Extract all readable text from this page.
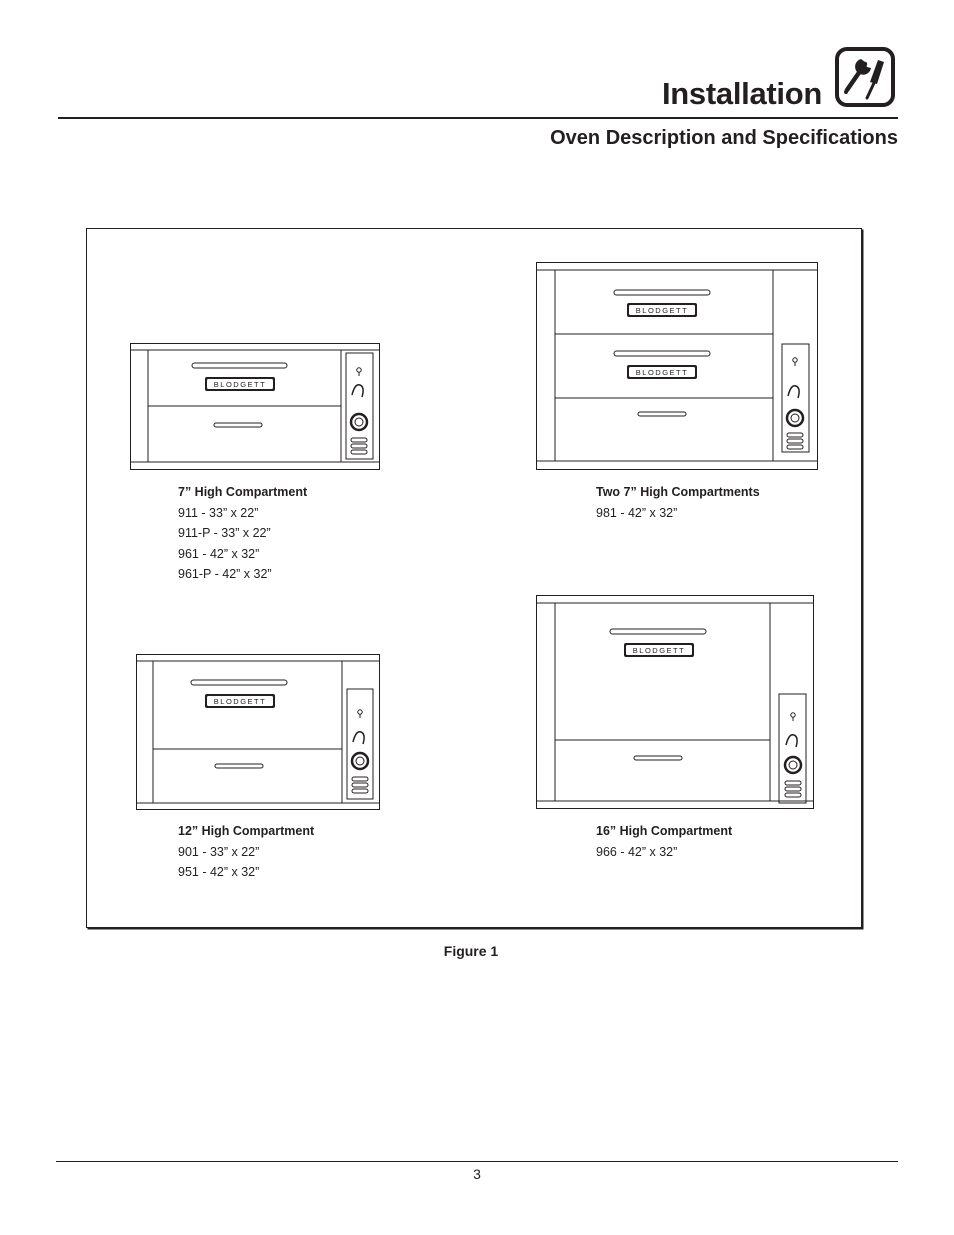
Installation
Oven Description and Specifications
BLODGETT
7” High Compartment
911 - 33” x 22”
911-P - 33” x 22”
961 - 42” x 32”
961-P - 42” x 32”
BLODGETT
BLODGETT
Two 7” High Compartments
981 - 42” x 32”
BLODGETT
12” High Compartment
901 - 33” x 22”
951 - 42” x 32”
BLODGETT
16” High Compartment
966 - 42” x 32”
Figure 1
3
